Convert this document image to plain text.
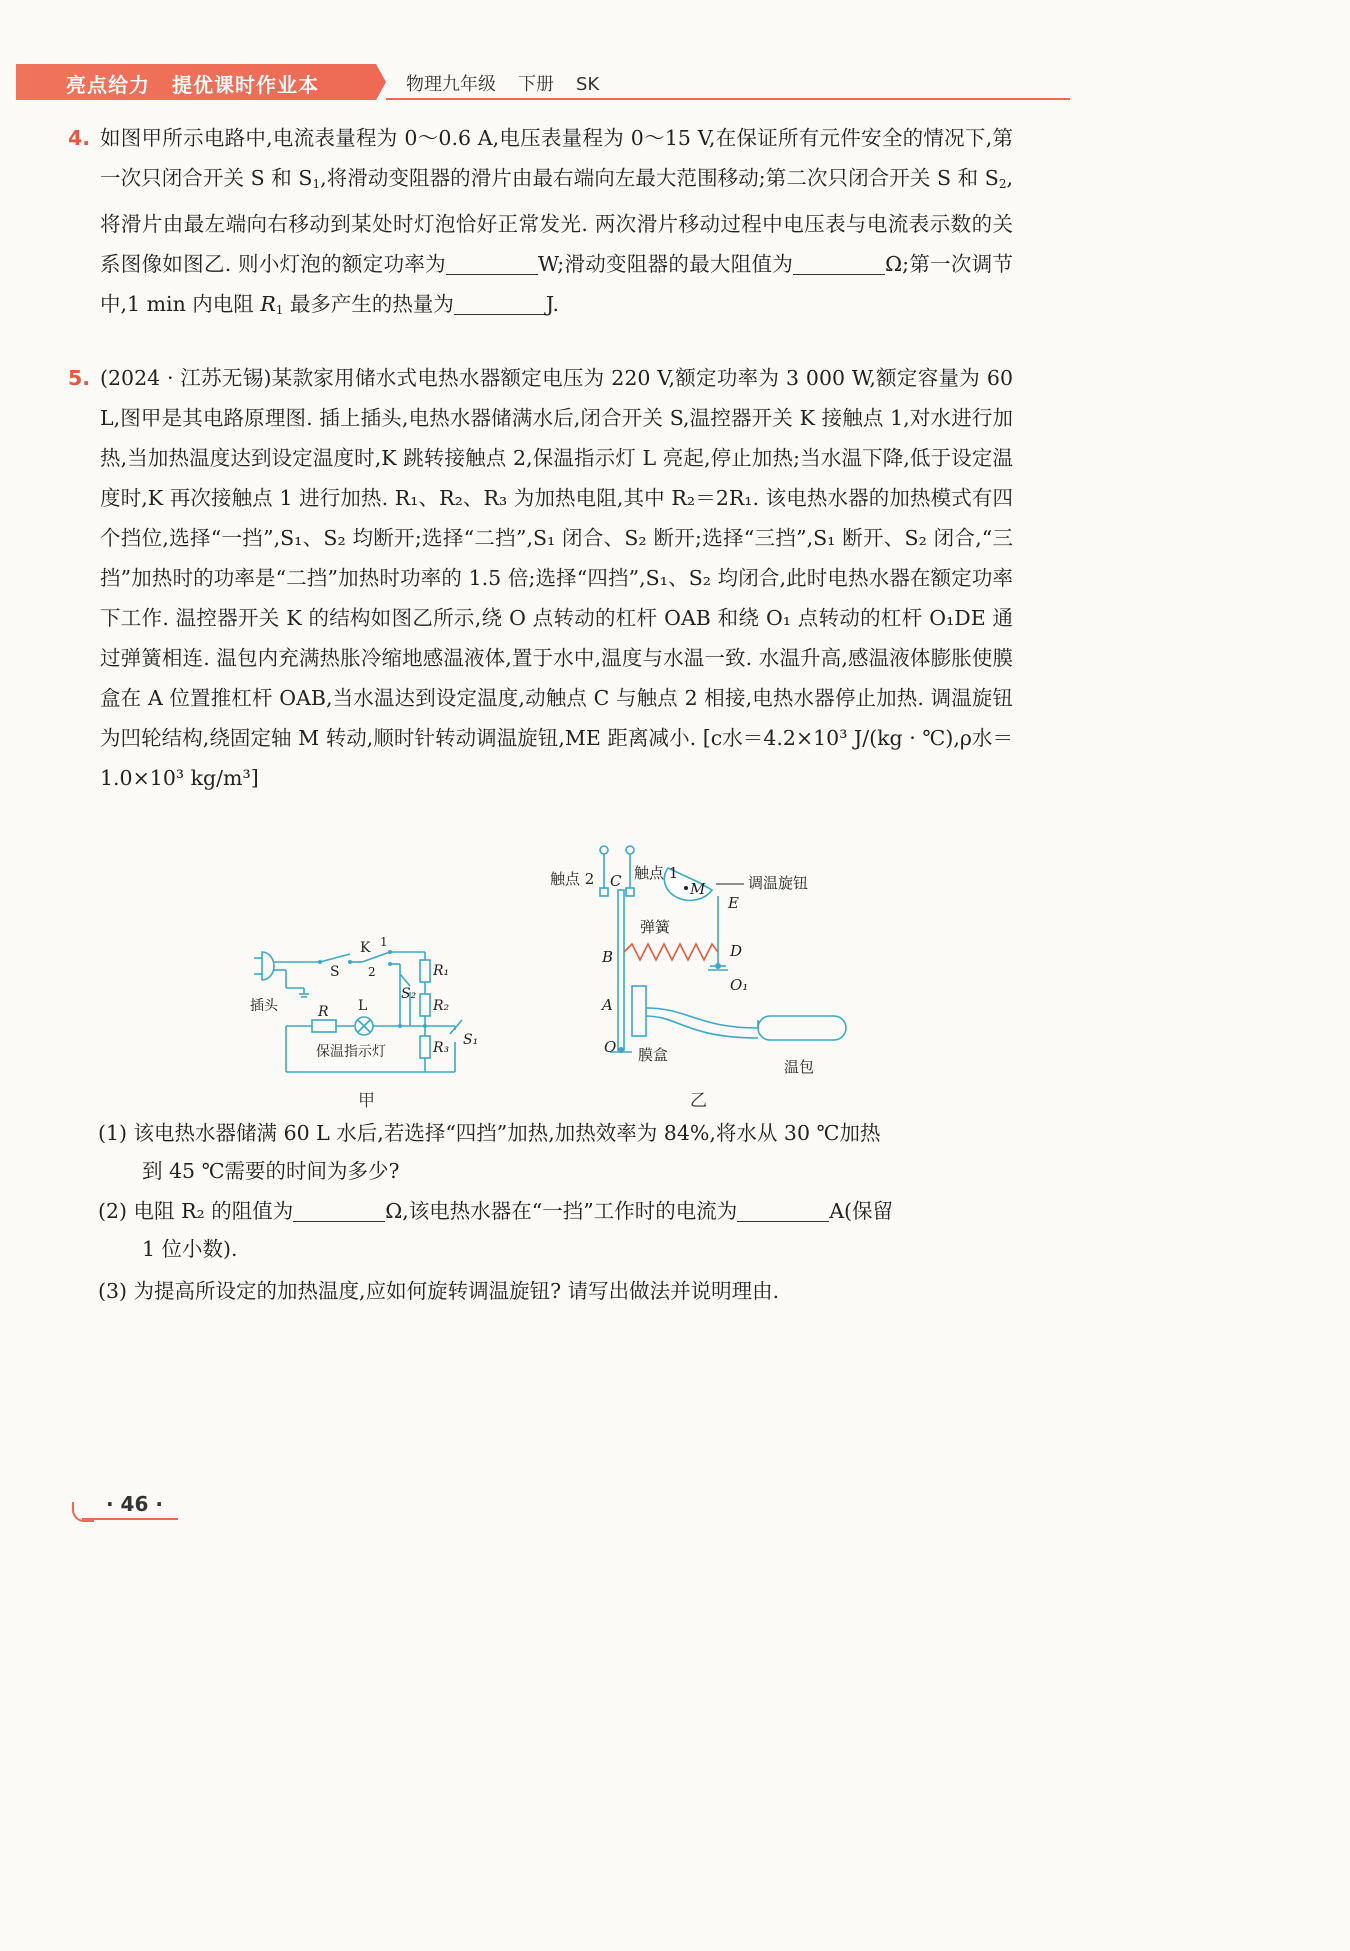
亮点给力 提优课时作业本	物理九年级 下册 SK
4. 如图甲所示电路中,电流表量程为 0～0.6 A,电压表量程为 0～15 V,在保证所有元件安全的情况下,第一次只闭合开关 S 和 $S_1$,将滑动变阻器的滑片由最右端向左最大范围移动;第二次只闭合开关 S 和 $S_2$,将滑片由最左端向右移动到某处时灯泡恰好正常发光. 两次滑片移动过程中电压表与电流表示数的关系图像如图乙. 则小灯泡的额定功率为	W;滑动变阻器的最大阻值为	Ω;第一次调节中,1 min 内电阻 $R_1$ 最多产生的热量为	J.
5. (2024 · 江苏无锡)某款家用储水式电热水器额定电压为 220 V,额定功率为 3 000 W,额定容量为 60 L,图甲是其电路原理图. 插上插头,电热水器储满水后,闭合开关 S,温控器开关 K 接触点 1,对水进行加热,当加热温度达到设定温度时,K 跳转接触点 2,保温指示灯 L 亮起,停止加热;当水温下降,低于设定温度时,K 再次接触点 1 进行加热. R₁、R₂、R₃ 为加热电阻,其中 R₂＝2R₁. 该电热水器的加热模式有四个挡位,选择“一挡”,S₁、S₂ 均断开;选择“二挡”,S₁ 闭合、S₂ 断开;选择“三挡”,S₁ 断开、S₂ 闭合,“三挡”加热时的功率是“二挡”加热时功率的 1.5 倍;选择“四挡”,S₁、S₂ 均闭合,此时电热水器在额定功率下工作. 温控器开关 K 的结构如图乙所示,绕 O 点转动的杠杆 OAB 和绕 O₁ 点转动的杠杆 O₁DE 通过弹簧相连. 温包内充满热胀冷缩地感温液体,置于水中,温度与水温一致. 水温升高,感温液体膨胀使膜盒在 A 位置推杠杆 OAB,当水温达到设定温度,动触点 C 与触点 2 相接,电热水器停止加热. 调温旋钮为凹轮结构,绕固定轴 M 转动,顺时针转动调温旋钮,ME 距离减小. [c水＝4.2×10³ J/(kg · ℃),ρ水＝1.0×10³ kg/m³]
插头
S
K 1
2
S₂
R₁
R₂
R₃ S₁
R L
保温指示灯
甲
触点 2 C 触点 1
调温旋钮
M
E
弹簧
B	D
O₁
A
O 膜盒
温包
乙
(1) 该电热水器储满 60 L 水后,若选择“四挡”加热,加热效率为 84%,将水从 30 ℃加热
到 45 ℃需要的时间为多少?
(2) 电阻 R₂ 的阻值为	Ω,该电热水器在“一挡”工作时的电流为	A(保留
1 位小数).
(3) 为提高所设定的加热温度,应如何旋转调温旋钮? 请写出做法并说明理由.
· 46 ·
